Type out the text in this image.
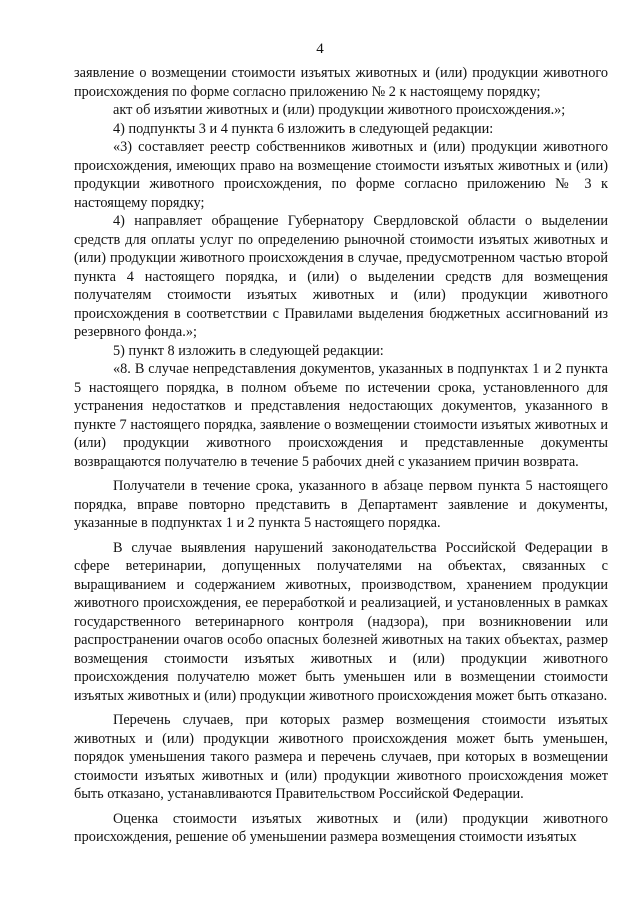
4

заявление о возмещении стоимости изъятых животных и (или) продукции животного происхождения по форме согласно приложению № 2 к настоящему порядку;

акт об изъятии животных и (или) продукции животного происхождения.»;

4) подпункты 3 и 4 пункта 6 изложить в следующей редакции:

«3) составляет реестр собственников животных и (или) продукции животного происхождения, имеющих право на возмещение стоимости изъятых животных и (или) продукции животного происхождения, по форме согласно приложению № 3 к настоящему порядку;

4) направляет обращение Губернатору Свердловской области о выделении средств для оплаты услуг по определению рыночной стоимости изъятых животных и (или) продукции животного происхождения в случае, предусмотренном частью второй пункта 4 настоящего порядка, и (или) о выделении средств для возмещения получателям стоимости изъятых животных и (или) продукции животного происхождения в соответствии с Правилами выделения бюджетных ассигнований из резервного фонда.»;

5) пункт 8 изложить в следующей редакции:

«8. В случае непредставления документов, указанных в подпунктах 1 и 2 пункта 5 настоящего порядка, в полном объеме по истечении срока, установленного для устранения недостатков и представления недостающих документов, указанного в пункте 7 настоящего порядка, заявление о возмещении стоимости изъятых животных и (или) продукции животного происхождения и представленные документы возвращаются получателю в течение 5 рабочих дней с указанием причин возврата.

Получатели в течение срока, указанного в абзаце первом пункта 5 настоящего порядка, вправе повторно представить в Департамент заявление и документы, указанные в подпунктах 1 и 2 пункта 5 настоящего порядка.

В случае выявления нарушений законодательства Российской Федерации в сфере ветеринарии, допущенных получателями на объектах, связанных с выращиванием и содержанием животных, производством, хранением продукции животного происхождения, ее переработкой и реализацией, и установленных в рамках государственного ветеринарного контроля (надзора), при возникновении или распространении очагов особо опасных болезней животных на таких объектах, размер возмещения стоимости изъятых животных и (или) продукции животного происхождения получателю может быть уменьшен или в возмещении стоимости изъятых животных и (или) продукции животного происхождения может быть отказано.

Перечень случаев, при которых размер возмещения стоимости изъятых животных и (или) продукции животного происхождения может быть уменьшен, порядок уменьшения такого размера и перечень случаев, при которых в возмещении стоимости изъятых животных и (или) продукции животного происхождения может быть отказано, устанавливаются Правительством Российской Федерации.

Оценка стоимости изъятых животных и (или) продукции животного происхождения, решение об уменьшении размера возмещения стоимости изъятых
